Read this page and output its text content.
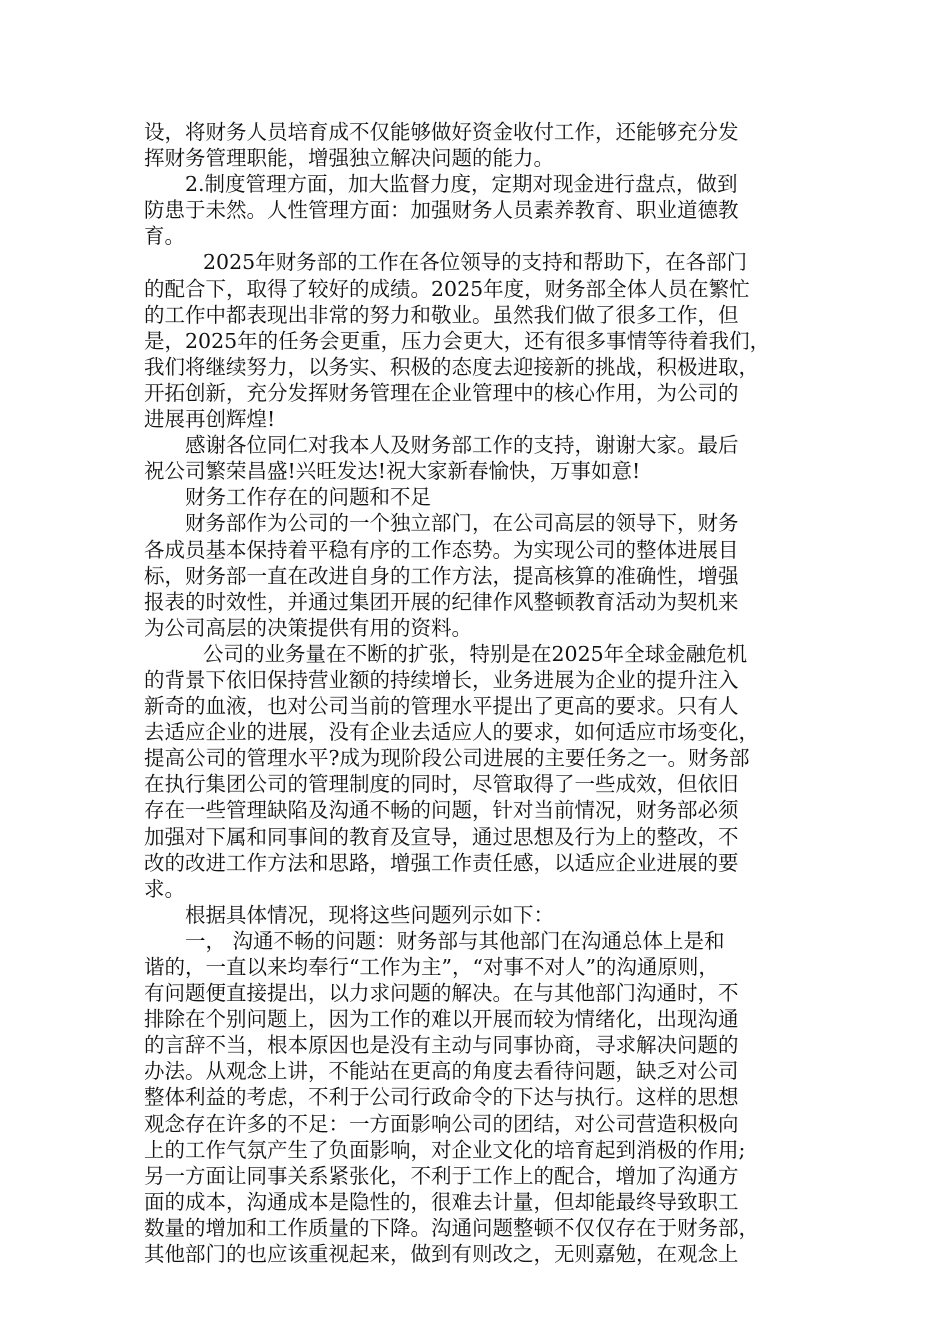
设，将财务人员培育成不仅能够做好资金收付工作，还能够充分发
挥财务管理职能，增强独立解决问题的能力。
2.制度管理方面，加大监督力度，定期对现金进行盘点，做到
防患于未然。人性管理方面：加强财务人员素养教育、职业道德教
育。
2025年财务部的工作在各位领导的支持和帮助下，在各部门
的配合下，取得了较好的成绩。2025年度，财务部全体人员在繁忙
的工作中都表现出非常的努力和敬业。虽然我们做了很多工作，但
是，2025年的任务会更重，压力会更大，还有很多事情等待着我们，
我们将继续努力，以务实、积极的态度去迎接新的挑战，积极进取，
开拓创新，充分发挥财务管理在企业管理中的核心作用，为公司的
进展再创辉煌!
感谢各位同仁对我本人及财务部工作的支持，谢谢大家。最后
祝公司繁荣昌盛!兴旺发达!祝大家新春愉快，万事如意!
财务工作存在的问题和不足
财务部作为公司的一个独立部门，在公司高层的领导下，财务
各成员基本保持着平稳有序的工作态势。为实现公司的整体进展目
标，财务部一直在改进自身的工作方法，提高核算的准确性，增强
报表的时效性，并通过集团开展的纪律作风整顿教育活动为契机来
为公司高层的决策提供有用的资料。
公司的业务量在不断的扩张，特别是在2025年全球金融危机
的背景下依旧保持营业额的持续增长，业务进展为企业的提升注入
新奇的血液，也对公司当前的管理水平提出了更高的要求。只有人
去适应企业的进展，没有企业去适应人的要求，如何适应市场变化，
提高公司的管理水平?成为现阶段公司进展的主要任务之一。财务部
在执行集团公司的管理制度的同时，尽管取得了一些成效，但依旧
存在一些管理缺陷及沟通不畅的问题，针对当前情况，财务部必须
加强对下属和同事间的教育及宣导，通过思想及行为上的整改，不
改的改进工作方法和思路，增强工作责任感，以适应企业进展的要
求。
根据具体情况，现将这些问题列示如下：
一， 沟通不畅的问题：财务部与其他部门在沟通总体上是和
谐的，一直以来均奉行“工作为主”，“对事不对人”的沟通原则，
有问题便直接提出，以力求问题的解决。在与其他部门沟通时，不
排除在个别问题上，因为工作的难以开展而较为情绪化，出现沟通
的言辞不当，根本原因也是没有主动与同事协商，寻求解决问题的
办法。从观念上讲，不能站在更高的角度去看待问题，缺乏对公司
整体利益的考虑，不利于公司行政命令的下达与执行。这样的思想
观念存在许多的不足：一方面影响公司的团结，对公司营造积极向
上的工作气氛产生了负面影响，对企业文化的培育起到消极的作用;
另一方面让同事关系紧张化，不利于工作上的配合，增加了沟通方
面的成本，沟通成本是隐性的，很难去计量，但却能最终导致职工
数量的增加和工作质量的下降。沟通问题整顿不仅仅存在于财务部，
其他部门的也应该重视起来，做到有则改之，无则嘉勉，在观念上
